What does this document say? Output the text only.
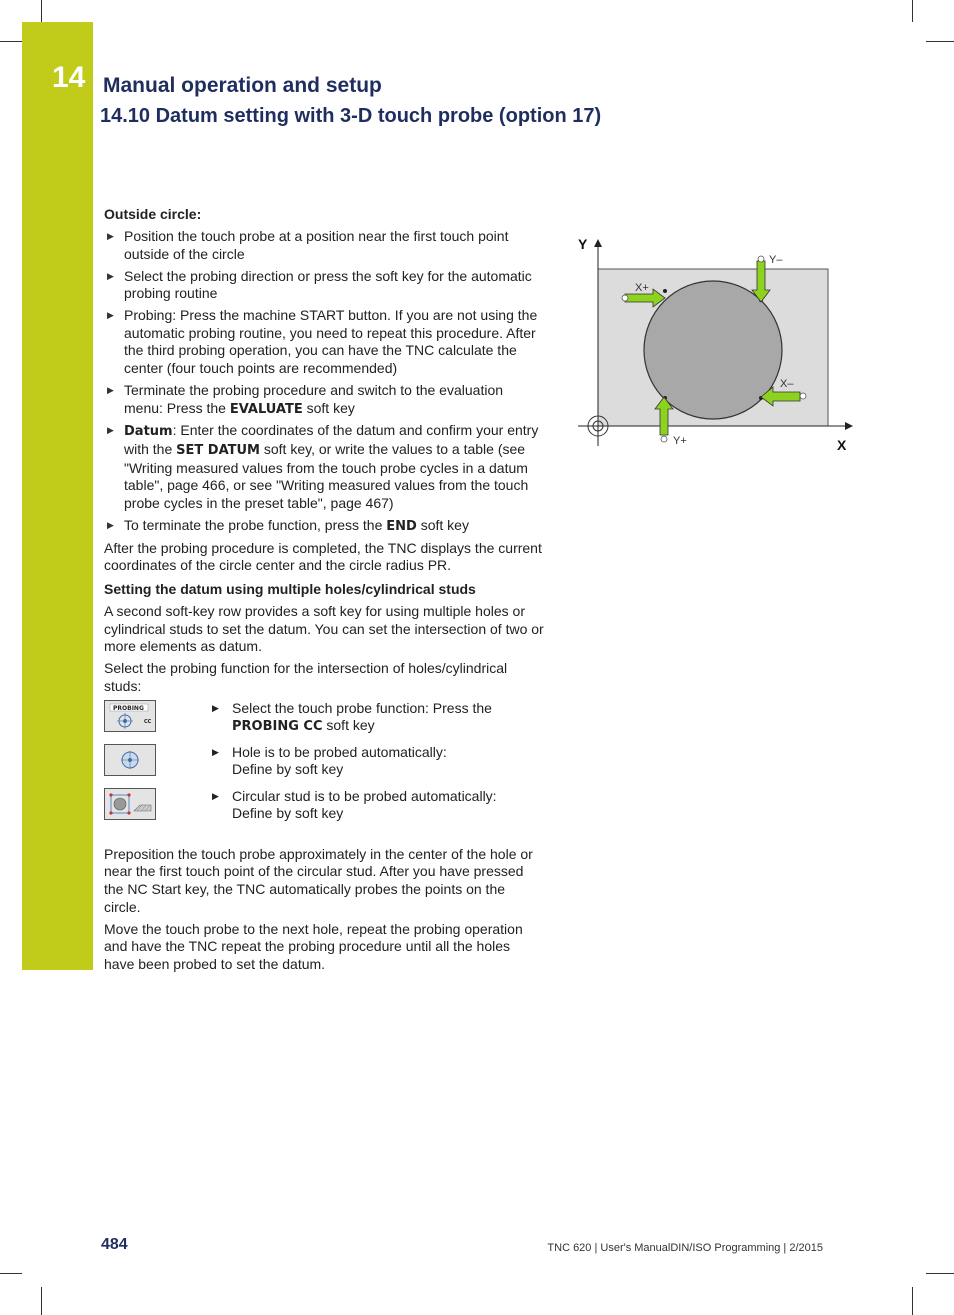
14 Manual operation and setup
14.10 Datum setting with 3-D touch probe (option 17)
Outside circle:
▶ Position the touch probe at a position near the first touch point outside of the circle
▶ Select the probing direction or press the soft key for the automatic probing routine
▶ Probing: Press the machine START button. If you are not using the automatic probing routine, you need to repeat this procedure. After the third probing operation, you can have the TNC calculate the center (four touch points are recommended)
▶ Terminate the probing procedure and switch to the evaluation menu: Press the EVALUATE soft key
▶ Datum: Enter the coordinates of the datum and confirm your entry with the SET DATUM soft key, or write the values to a table (see "Writing measured values from the touch probe cycles in a datum table", page 466, or see "Writing measured values from the touch probe cycles in the preset table", page 467)
▶ To terminate the probe function, press the END soft key

After the probing procedure is completed, the TNC displays the current coordinates of the circle center and the circle radius PR.

Setting the datum using multiple holes/cylindrical studs

A second soft-key row provides a soft key for using multiple holes or cylindrical studs to set the datum. You can set the intersection of two or more elements as datum.

Select the probing function for the intersection of holes/cylindrical studs:

PROBING
CC
▶ Select the touch probe function: Press the
PROBING CC soft key
▶ Hole is to be probed automatically:
Define by soft key
▶ Circular stud is to be probed automatically:
Define by soft key

Preposition the touch probe approximately in the center of the hole or near the first touch point of the circular stud. After you have pressed the NC Start key, the TNC automatically probes the points on the circle.

Move the touch probe to the next hole, repeat the probing operation and have the TNC repeat the probing procedure until all the holes have been probed to set the datum.

Y
X
X+
Y–
X–
Y+
484	TNC 620 | User's ManualDIN/ISO Programming | 2/2015
